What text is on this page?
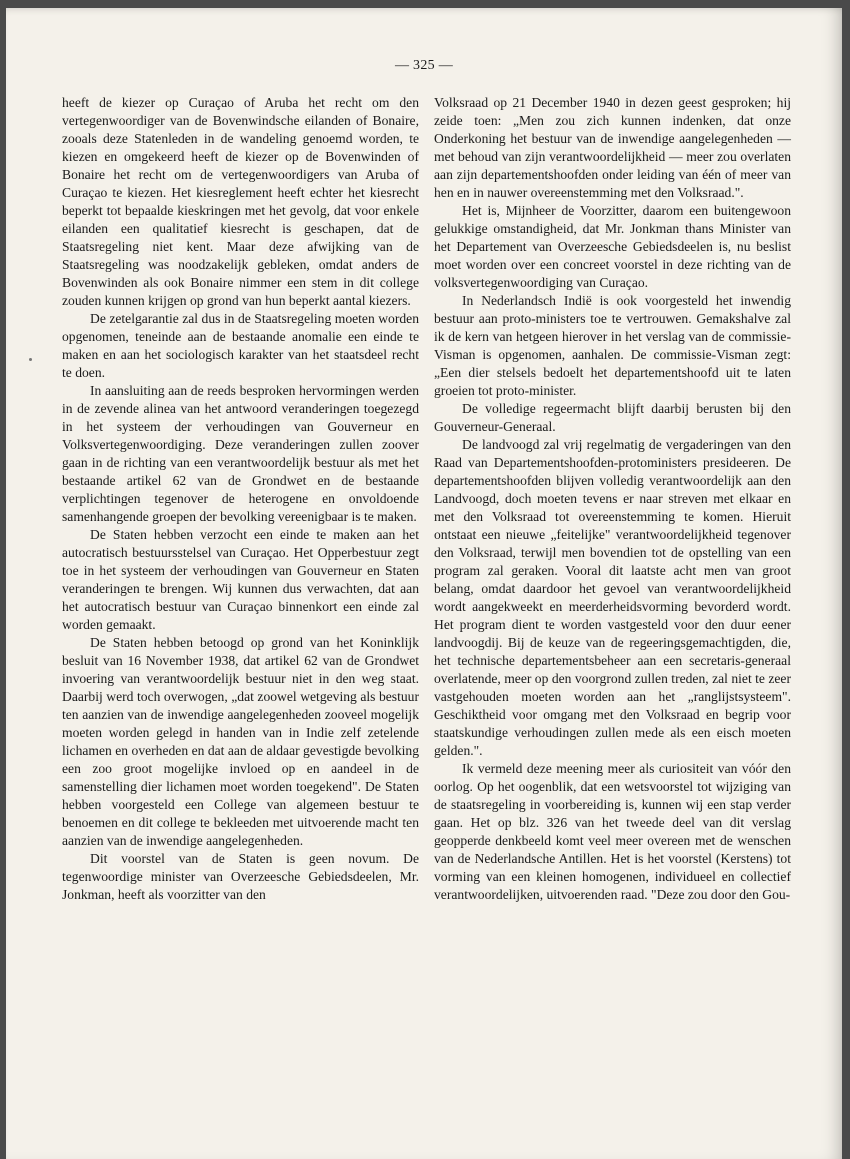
— 325 —

heeft de kiezer op Curaçao of Aruba het recht om den vertegenwoordiger van de Bovenwindsche eilanden of Bonaire, zooals deze Statenleden in de wandeling genoemd worden, te kiezen en omgekeerd heeft de kiezer op de Bovenwinden of Bonaire het recht om de vertegenwoordigers van Aruba of Curaçao te kiezen. Het kiesreglement heeft echter het kiesrecht beperkt tot bepaalde kieskringen met het gevolg, dat voor enkele eilanden een qualitatief kiesrecht is geschapen, dat de Staatsregeling niet kent. Maar deze afwijking van de Staatsregeling was noodzakelijk gebleken, omdat anders de Bovenwinden als ook Bonaire nimmer een stem in dit college zouden kunnen krijgen op grond van hun beperkt aantal kiezers.

De zetelgarantie zal dus in de Staatsregeling moeten worden opgenomen, teneinde aan de bestaande anomalie een einde te maken en aan het sociologisch karakter van het staatsdeel recht te doen.

In aansluiting aan de reeds besproken hervormingen werden in de zevende alinea van het antwoord veranderingen toegezegd in het systeem der verhoudingen van Gouverneur en Volksvertegenwoordiging. Deze veranderingen zullen zoover gaan in de richting van een verantwoordelijk bestuur als met het bestaande artikel 62 van de Grondwet en de bestaande verplichtingen tegenover de heterogene en onvoldoende samenhangende groepen der bevolking vereenigbaar is te maken.

De Staten hebben verzocht een einde te maken aan het autocratisch bestuursstelsel van Curaçao. Het Opperbestuur zegt toe in het systeem der verhoudingen van Gouverneur en Staten veranderingen te brengen. Wij kunnen dus verwachten, dat aan het autocratisch bestuur van Curaçao binnenkort een einde zal worden gemaakt.

De Staten hebben betoogd op grond van het Koninklijk besluit van 16 November 1938, dat artikel 62 van de Grondwet invoering van verantwoordelijk bestuur niet in den weg staat. Daarbij werd toch overwogen, „dat zoowel wetgeving als bestuur ten aanzien van de inwendige aangelegenheden zooveel mogelijk moeten worden gelegd in handen van in Indie zelf zetelende lichamen en overheden en dat aan de aldaar gevestigde bevolking een zoo groot mogelijke invloed op en aandeel in de samenstelling dier lichamen moet worden toegekend". De Staten hebben voorgesteld een College van algemeen bestuur te benoemen en dit college te bekleeden met uitvoerende macht ten aanzien van de inwendige aangelegenheden.

Dit voorstel van de Staten is geen novum. De tegenwoordige minister van Overzeesche Gebiedsdeelen, Mr. Jonkman, heeft als voorzitter van den

Volksraad op 21 December 1940 in dezen geest gesproken; hij zeide toen: „Men zou zich kunnen indenken, dat onze Onderkoning het bestuur van de inwendige aangelegenheden — met behoud van zijn verantwoordelijkheid — meer zou overlaten aan zijn departementshoofden onder leiding van één of meer van hen en in nauwer overeenstemming met den Volksraad.".

Het is, Mijnheer de Voorzitter, daarom een buitengewoon gelukkige omstandigheid, dat Mr. Jonkman thans Minister van het Departement van Overzeesche Gebiedsdeelen is, nu beslist moet worden over een concreet voorstel in deze richting van de volksvertegenwoordiging van Curaçao.

In Nederlandsch Indië is ook voorgesteld het inwendig bestuur aan proto-ministers toe te vertrouwen. Gemakshalve zal ik de kern van hetgeen hierover in het verslag van de commissie-Visman is opgenomen, aanhalen. De commissie-Visman zegt: „Een dier stelsels bedoelt het departementshoofd uit te laten groeien tot proto-minister.

De volledige regeermacht blijft daarbij berusten bij den Gouverneur-Generaal.

De landvoogd zal vrij regelmatig de vergaderingen van den Raad van Departementshoofden-protoministers presideeren. De departementshoofden blijven volledig verantwoordelijk aan den Landvoogd, doch moeten tevens er naar streven met elkaar en met den Volksraad tot overeenstemming te komen. Hieruit ontstaat een nieuwe „feitelijke" verantwoordelijkheid tegenover den Volksraad, terwijl men bovendien tot de opstelling van een program zal geraken. Vooral dit laatste acht men van groot belang, omdat daardoor het gevoel van verantwoordelijkheid wordt aangekweekt en meerderheidsvorming bevorderd wordt. Het program dient te worden vastgesteld voor den duur eener landvoogdij. Bij de keuze van de regeeringsgemachtigden, die, het technische departementsbeheer aan een secretaris-generaal overlatende, meer op den voorgrond zullen treden, zal niet te zeer vastgehouden moeten worden aan het „ranglijstsysteem". Geschiktheid voor omgang met den Volksraad en begrip voor staatskundige verhoudingen zullen mede als een eisch moeten gelden.".

Ik vermeld deze meening meer als curiositeit van vóór den oorlog. Op het oogenblik, dat een wetsvoorstel tot wijziging van de staatsregeling in voorbereiding is, kunnen wij een stap verder gaan. Het op blz. 326 van het tweede deel van dit verslag geopperde denkbeeld komt veel meer overeen met de wenschen van de Nederlandsche Antillen. Het is het voorstel (Kerstens) tot vorming van een kleinen homogenen, individueel en collectief verantwoordelijken, uitvoerenden raad. "Deze zou door den Gou-
